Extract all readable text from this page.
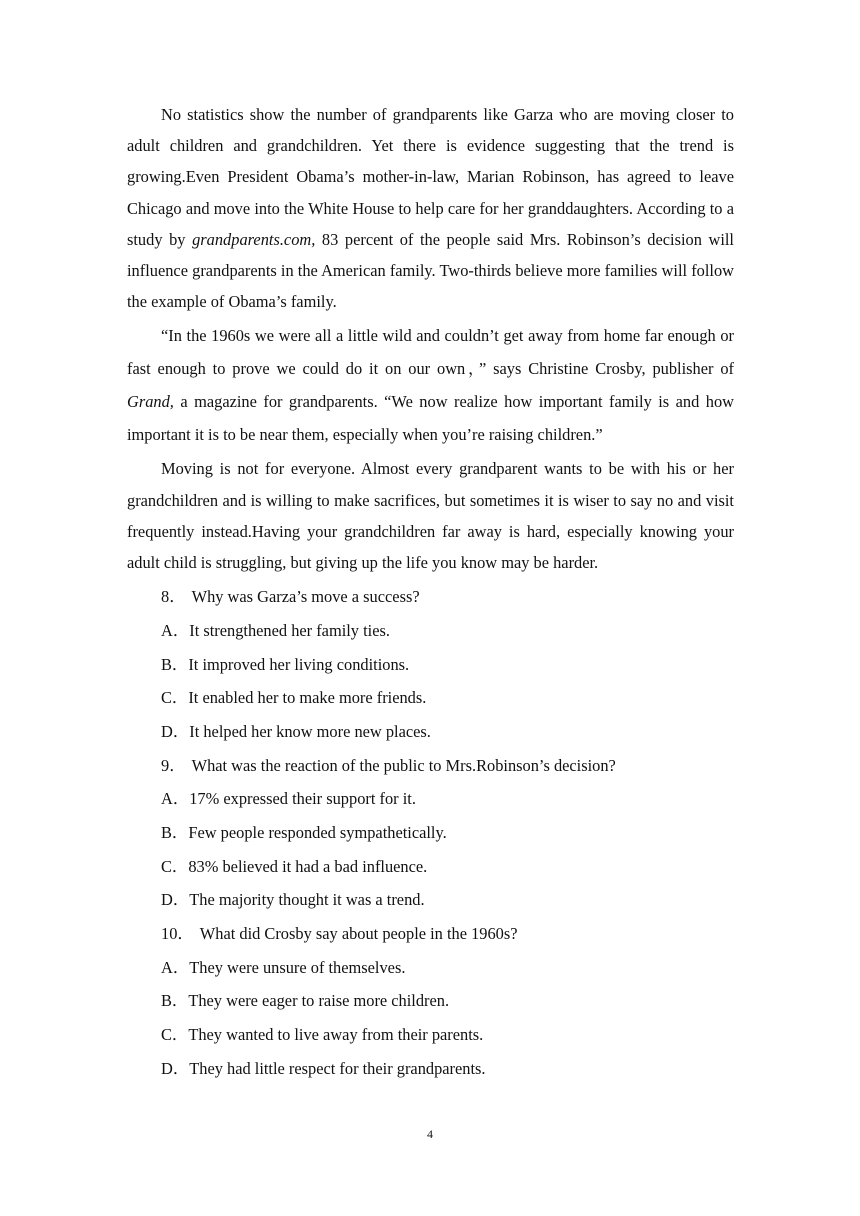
No statistics show the number of grandparents like Garza who are moving closer to adult children and grandchildren. Yet there is evidence suggesting that the trend is growing.Even President Obama’s mother-in-law, Marian Robinson, has agreed to leave Chicago and move into the White House to help care for her granddaughters. According to a study by grandparents.com, 83 percent of the people said Mrs. Robinson’s decision will influence grandparents in the American family. Two-thirds believe more families will follow the example of Obama’s family.

“In the 1960s we were all a little wild and couldn’t get away from home far enough or fast enough to prove we could do it on our own，” says Christine Crosby, publisher of Grand, a magazine for grandparents. “We now realize how important family is and how important it is to be near them, especially when you’re raising children.”

Moving is not for everyone. Almost every grandparent wants to be with his or her grandchildren and is willing to make sacrifices, but sometimes it is wiser to say no and visit frequently instead.Having your grandchildren far away is hard, especially knowing your adult child is struggling, but giving up the life you know may be harder.

8． Why was Garza’s move a success?
A．It strengthened her family ties.
B．It improved her living conditions.
C．It enabled her to make more friends.
D．It helped her know more new places.
9． What was the reaction of the public to Mrs.Robinson’s decision?
A．17% expressed their support for it.
B．Few people responded sympathetically.
C．83% believed it had a bad influence.
D．The majority thought it was a trend.
10． What did Crosby say about people in the 1960s?
A．They were unsure of themselves.
B．They were eager to raise more children.
C．They wanted to live away from their parents.
D．They had little respect for their grandparents.
4
